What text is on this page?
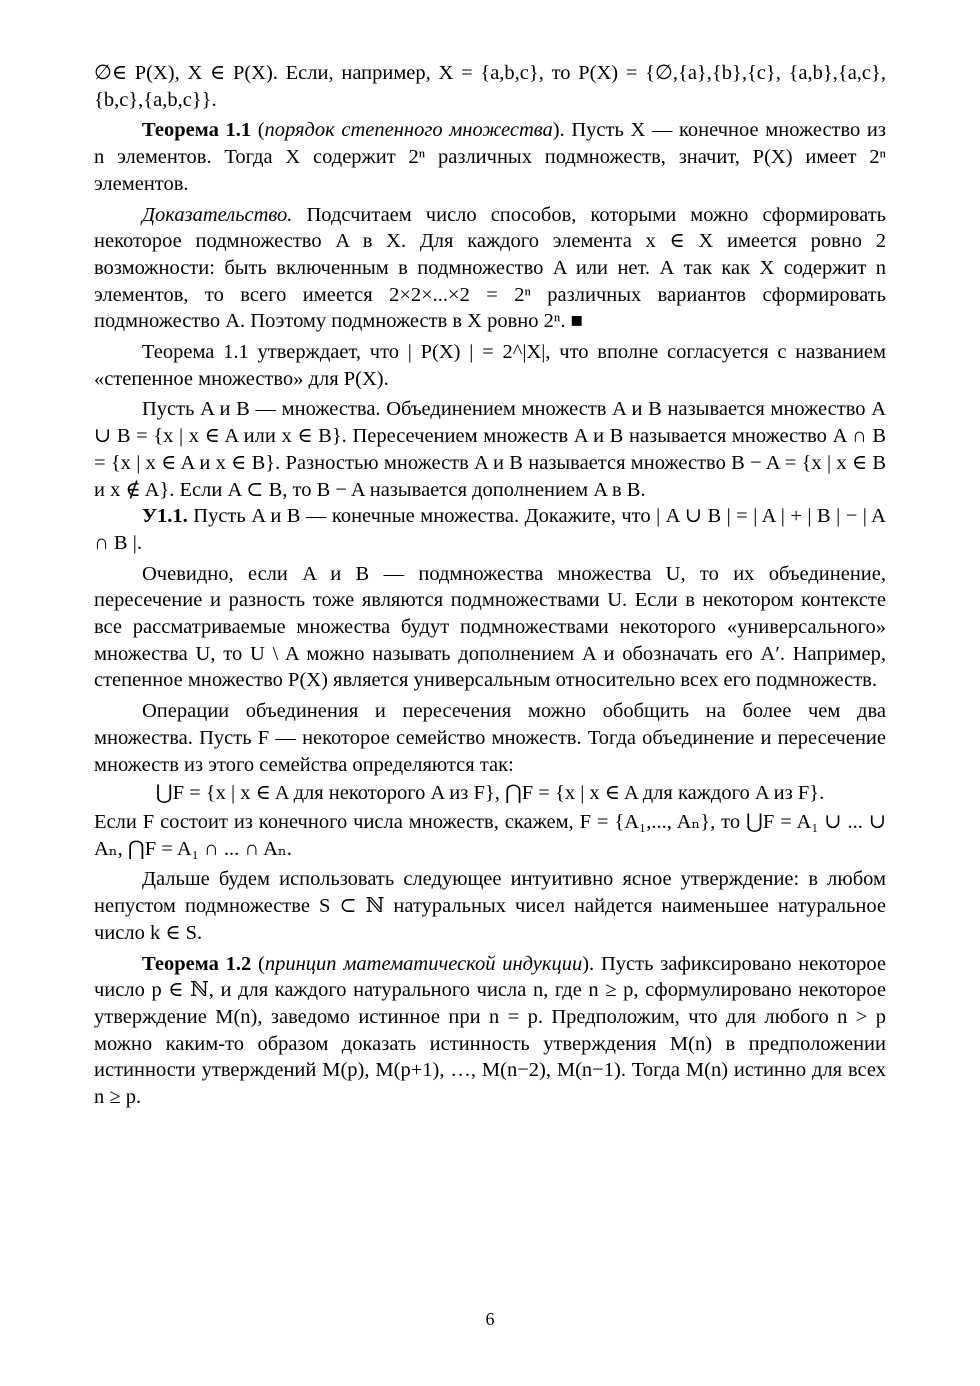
∅∈ P(X), X ∈ P(X). Если, например, X = {a,b,c}, то P(X) = {∅,{a},{b},{c}, {a,b},{a,c},{b,c},{a,b,c}}.

Теорема 1.1 (порядок степенного множества). Пусть X — конечное множество из n элементов. Тогда X содержит 2ⁿ различных подмножеств, значит, P(X) имеет 2ⁿ элементов.

Доказательство. Подсчитаем число способов, которыми можно сформировать некоторое подмножество A в X. Для каждого элемента x ∈ X имеется ровно 2 возможности: быть включенным в подмножество A или нет. А так как X содержит n элементов, то всего имеется 2×2×...×2 = 2ⁿ различных вариантов сформировать подмножество A. Поэтому подмножеств в X ровно 2ⁿ. ■

Теорема 1.1 утверждает, что | P(X) | = 2^|X|, что вполне согласуется с названием «степенное множество» для P(X).

Пусть A и B — множества. Объединением множеств A и B называется множество A ∪ B = {x | x ∈ A или x ∈ B}. Пересечением множеств A и B называется множество A ∩ B = {x | x ∈ A и x ∈ B}. Разностью множеств A и B называется множество B − A = {x | x ∈ B и x ∉ A}. Если A ⊂ B, то B − A называется дополнением A в B.

У1.1. Пусть A и B — конечные множества. Докажите, что | A ∪ B | = | A | + | B | − | A ∩ B |.

Очевидно, если A и B — подмножества множества U, то их объединение, пересечение и разность тоже являются подмножествами U. Если в некотором контексте все рассматриваемые множества будут подмножествами некоторого «универсального» множества U, то U \ A можно называть дополнением A и обозначать его A′. Например, степенное множество P(X) является универсальным относительно всех его подмножеств.

Операции объединения и пересечения можно обобщить на более чем два множества. Пусть F — некоторое семейство множеств. Тогда объединение и пересечение множеств из этого семейства определяются так:

⋃F = {x | x ∈ A для некоторого A из F}, ⋂F = {x | x ∈ A для каждого A из F}.

Если F состоит из конечного числа множеств, скажем, F = {A₁,..., Aₙ}, то ⋃F = A₁ ∪ ... ∪ Aₙ, ⋂F = A₁ ∩ ... ∩ Aₙ.

Дальше будем использовать следующее интуитивно ясное утверждение: в любом непустом подмножестве S ⊂ ℕ натуральных чисел найдется наименьшее натуральное число k ∈ S.

Теорема 1.2 (принцип математической индукции). Пусть зафиксировано некоторое число p ∈ ℕ, и для каждого натурального числа n, где n ≥ p, сформулировано некоторое утверждение M(n), заведомо истинное при n = p. Предположим, что для любого n > p можно каким-то образом доказать истинность утверждения M(n) в предположении истинности утверждений M(p), M(p+1), …, M(n−2), M(n−1). Тогда M(n) истинно для всех n ≥ p.

6
